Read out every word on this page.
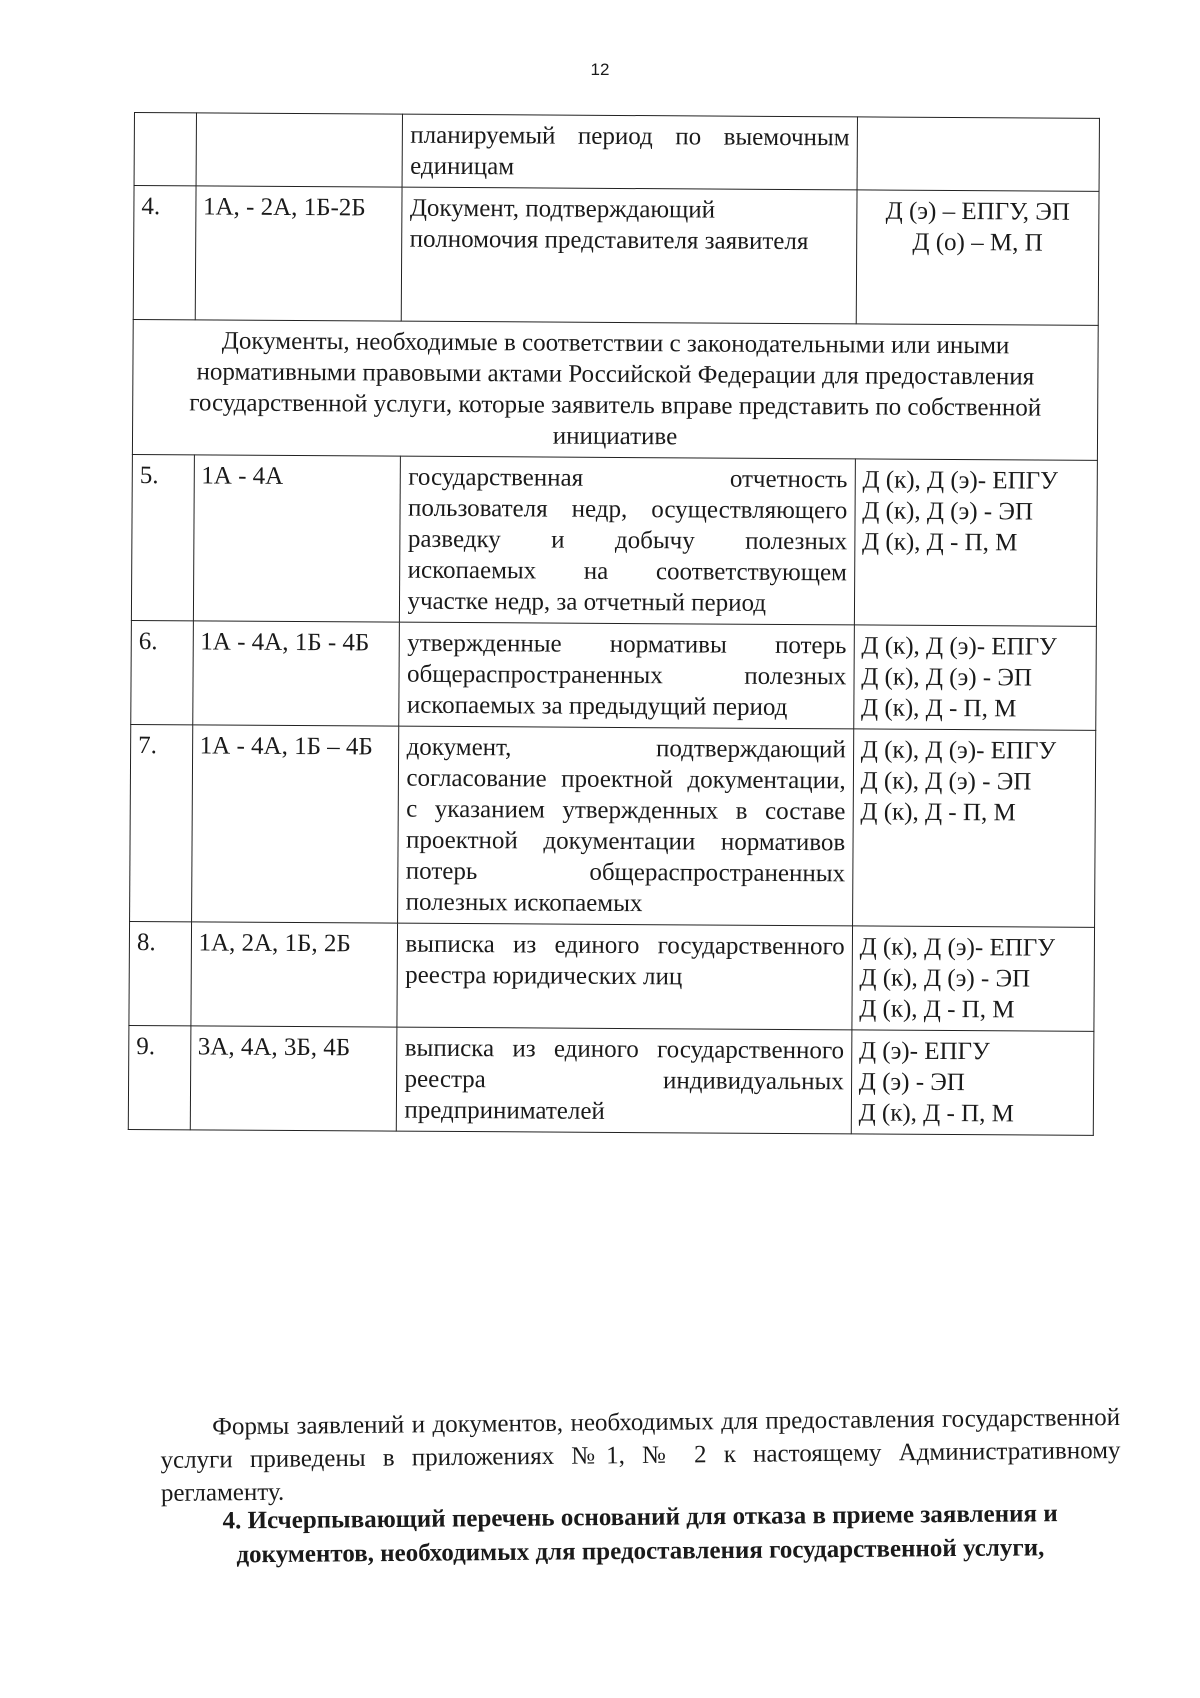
12
		планируемый период по выемочным единицам	
4.	1А, - 2А, 1Б-2Б	Документ, подтверждающий полномочия представителя заявителя	Д (э) – ЕПГУ, ЭП
Д (о) – М, П

Документы, необходимые в соответствии с законодательными или иными нормативными правовыми актами Российской Федерации для предоставления государственной услуги, которые заявитель вправе представить по собственной инициативе			
5.	1А - 4А	государственная отчетность пользователя недр, осуществляющего разведку и добычу полезных ископаемых на соответствующем участке недр, за отчетный период	Д (к), Д (э)- ЕПГУ
Д (к), Д (э) - ЭП
Д (к), Д - П, М

6.	1А - 4А, 1Б - 4Б	утвержденные нормативы потерь общераспространенных полезных ископаемых за предыдущий период	Д (к), Д (э)- ЕПГУ
Д (к), Д (э) - ЭП
Д (к), Д - П, М

7.	1А - 4А, 1Б – 4Б	документ, подтверждающий согласование проектной документации, с указанием утвержденных в составе проектной документации нормативов потерь общераспространенных полезных ископаемых	Д (к), Д (э)- ЕПГУ
Д (к), Д (э) - ЭП
Д (к), Д - П, М

8.	1А, 2А, 1Б, 2Б	выписка из единого государственного реестра юридических лиц	Д (к), Д (э)- ЕПГУ
Д (к), Д (э) - ЭП
Д (к), Д - П, М

9.	3А, 4А, 3Б, 4Б	выписка из единого государственного реестра индивидуальных предпринимателей	Д (э)- ЕПГУ
Д (э) - ЭП
Д (к), Д - П, М

Формы заявлений и документов, необходимых для предоставления государственной услуги приведены в приложениях №1, № 2 к настоящему Административному регламенту.

4. Исчерпывающий перечень оснований для отказа в приеме заявления и документов, необходимых для предоставления государственной услуги,
